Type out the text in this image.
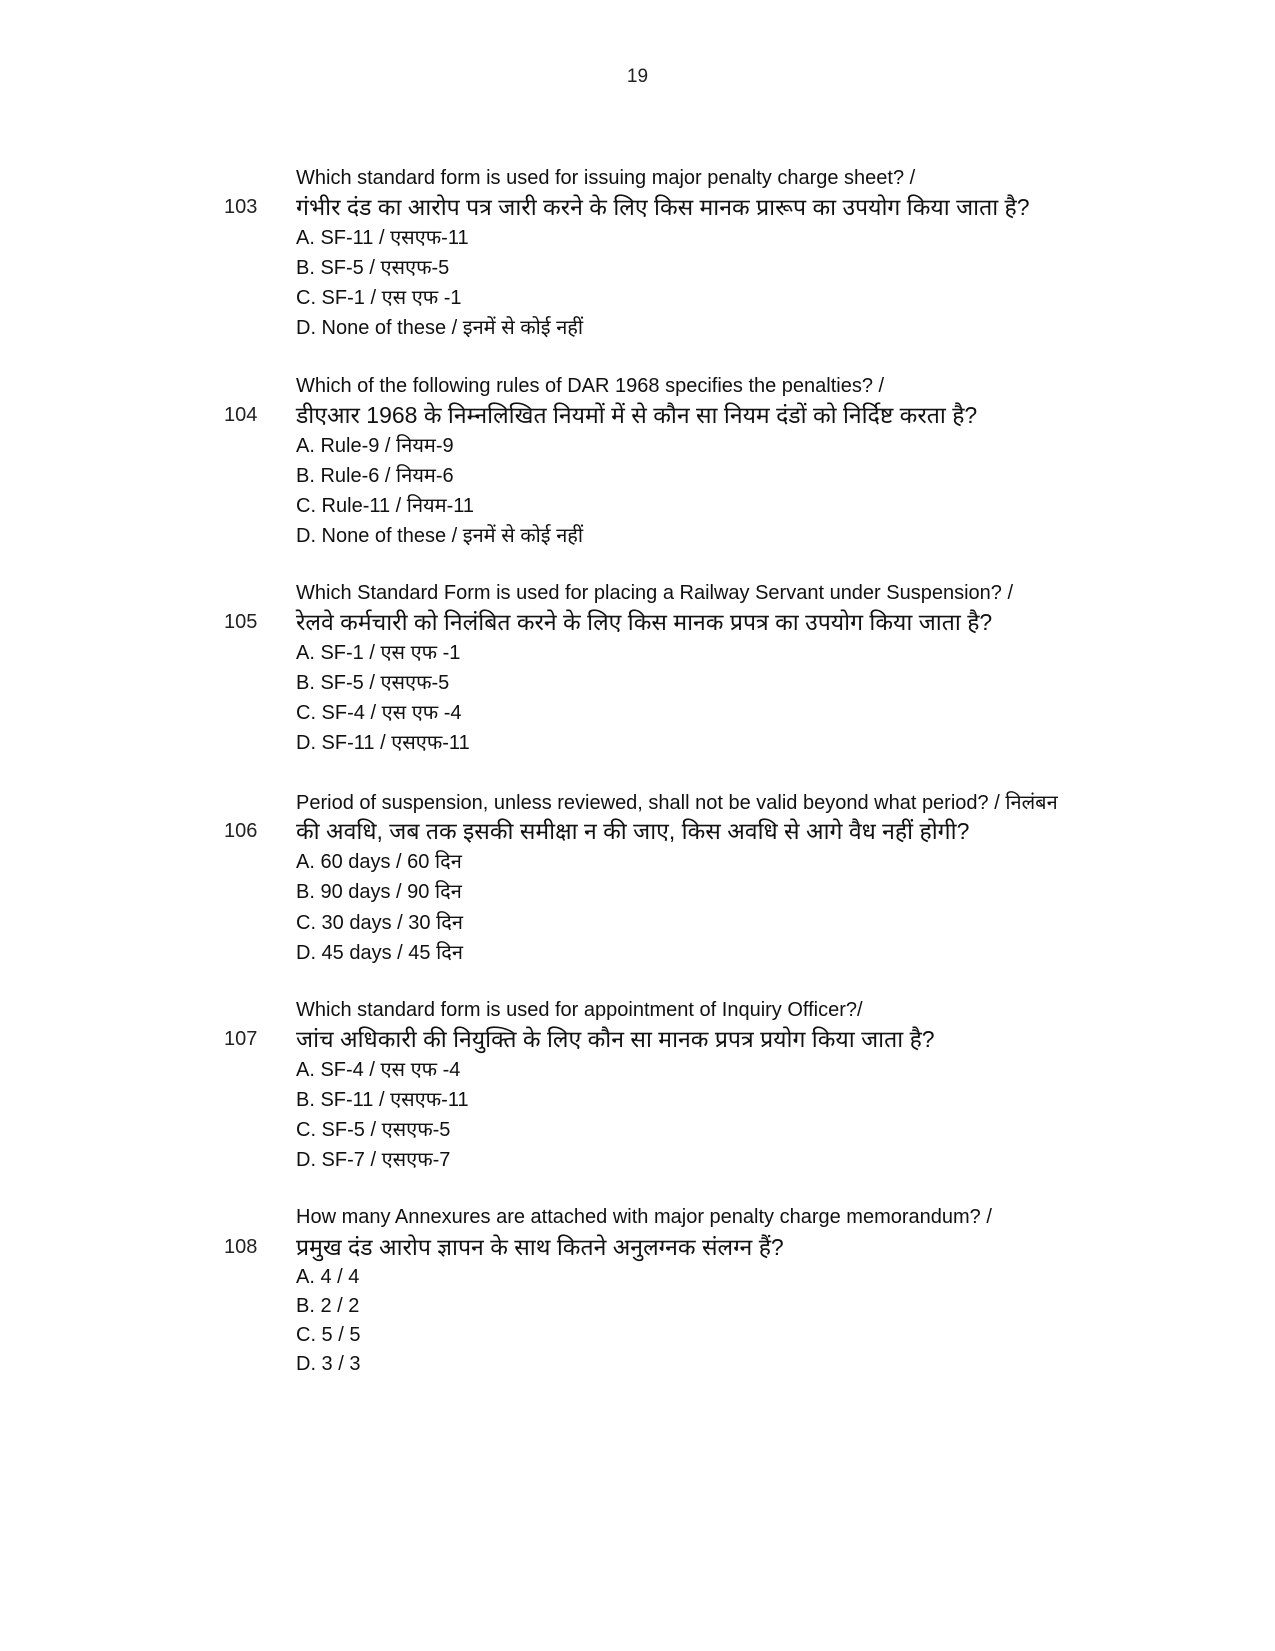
19
Which standard form is used for issuing major penalty charge sheet? /
103 गंभीर दंड का आरोप पत्र जारी करने के लिए किस मानक प्रारूप का उपयोग किया जाता है?
A. SF-11 / एसएफ-11
B. SF-5 / एसएफ-5
C. SF-1 / एस एफ -1
D. None of these / इनमें से कोई नहीं
Which of the following rules of DAR 1968 specifies the penalties? /
104 डीएआर 1968 के निम्नलिखित नियमों में से कौन सा नियम दंडों को निर्दिष्ट करता है?
A. Rule-9 / नियम-9
B. Rule-6 / नियम-6
C. Rule-11 / नियम-11
D. None of these / इनमें से कोई नहीं
Which Standard Form is used for placing a Railway Servant under Suspension? /
105 रेलवे कर्मचारी को निलंबित करने के लिए किस मानक प्रपत्र का उपयोग किया जाता है?
A. SF-1 / एस एफ -1
B. SF-5 / एसएफ-5
C. SF-4 / एस एफ -4
D. SF-11 / एसएफ-11
Period of suspension, unless reviewed, shall not be valid beyond what period? / निलंबन
106 की अवधि, जब तक इसकी समीक्षा न की जाए, किस अवधि से आगे वैध नहीं होगी?
A. 60 days / 60 दिन
B. 90 days / 90 दिन
C. 30 days / 30 दिन
D. 45 days / 45 दिन
Which standard form is used for appointment of Inquiry Officer?/
107 जांच अधिकारी की नियुक्ति के लिए कौन सा मानक प्रपत्र प्रयोग किया जाता है?
A. SF-4 / एस एफ -4
B. SF-11 / एसएफ-11
C. SF-5 / एसएफ-5
D. SF-7 / एसएफ-7
How many Annexures are attached with major penalty charge memorandum? /
108 प्रमुख दंड आरोप ज्ञापन के साथ कितने अनुलग्नक संलग्न हैं?
A. 4 / 4
B. 2 / 2
C. 5 / 5
D. 3 / 3
